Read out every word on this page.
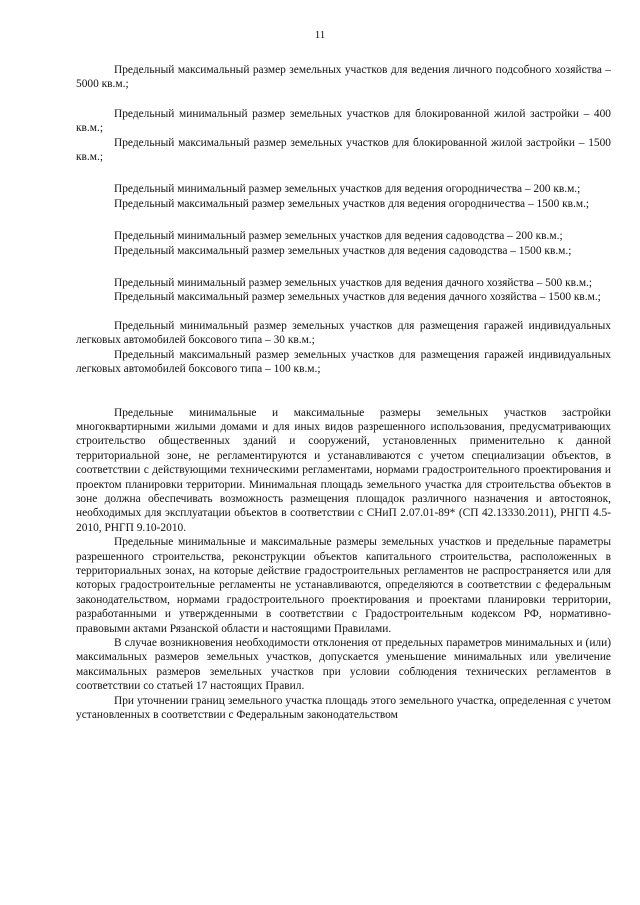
11

Предельный максимальный размер земельных участков для ведения личного подсобного хозяйства – 5000 кв.м.;

Предельный минимальный размер земельных участков для блокированной жилой застройки – 400 кв.м.;

Предельный максимальный размер земельных участков для блокированной жилой застройки – 1500 кв.м.;

Предельный минимальный размер земельных участков для ведения огородничества – 200 кв.м.;

Предельный максимальный размер земельных участков для ведения огородничества – 1500 кв.м.;

Предельный минимальный размер земельных участков для ведения садоводства – 200 кв.м.;

Предельный максимальный размер земельных участков для ведения садоводства – 1500 кв.м.;

Предельный минимальный размер земельных участков для ведения дачного хозяйства – 500 кв.м.;

Предельный максимальный размер земельных участков для ведения дачного хозяйства – 1500 кв.м.;

Предельный минимальный размер земельных участков для размещения гаражей индивидуальных легковых автомобилей боксового типа – 30 кв.м.;

Предельный максимальный размер земельных участков для размещения гаражей индивидуальных легковых автомобилей боксового типа – 100 кв.м.;

Предельные минимальные и максимальные размеры земельных участков застройки многоквартирными жилыми домами и для иных видов разрешенного использования, предусматривающих строительство общественных зданий и сооружений, установленных применительно к данной территориальной зоне, не регламентируются и устанавливаются с учетом специализации объектов, в соответствии с действующими техническими регламентами, нормами градостроительного проектирования и проектом планировки территории. Минимальная площадь земельного участка для строительства объектов в зоне должна обеспечивать возможность размещения площадок различного назначения и автостоянок, необходимых для эксплуатации объектов в соответствии с СНиП 2.07.01-89* (СП 42.13330.2011), РНГП 4.5-2010, РНГП 9.10-2010.

Предельные минимальные и максимальные размеры земельных участков и предельные параметры разрешенного строительства, реконструкции объектов капитального строительства, расположенных в территориальных зонах, на которые действие градостроительных регламентов не распространяется или для которых градостроительные регламенты не устанавливаются, определяются в соответствии с федеральным законодательством, нормами градостроительного проектирования и проектами планировки территории, разработанными и утвержденными в соответствии с Градостроительным кодексом РФ, нормативно-правовыми актами Рязанской области и настоящими Правилами.

В случае возникновения необходимости отклонения от предельных параметров минимальных и (или) максимальных размеров земельных участков, допускается уменьшение минимальных или увеличение максимальных размеров земельных участков при условии соблюдения технических регламентов в соответствии со статьей 17 настоящих Правил.

При уточнении границ земельного участка площадь этого земельного участка, определенная с учетом установленных в соответствии с Федеральным законодательством
